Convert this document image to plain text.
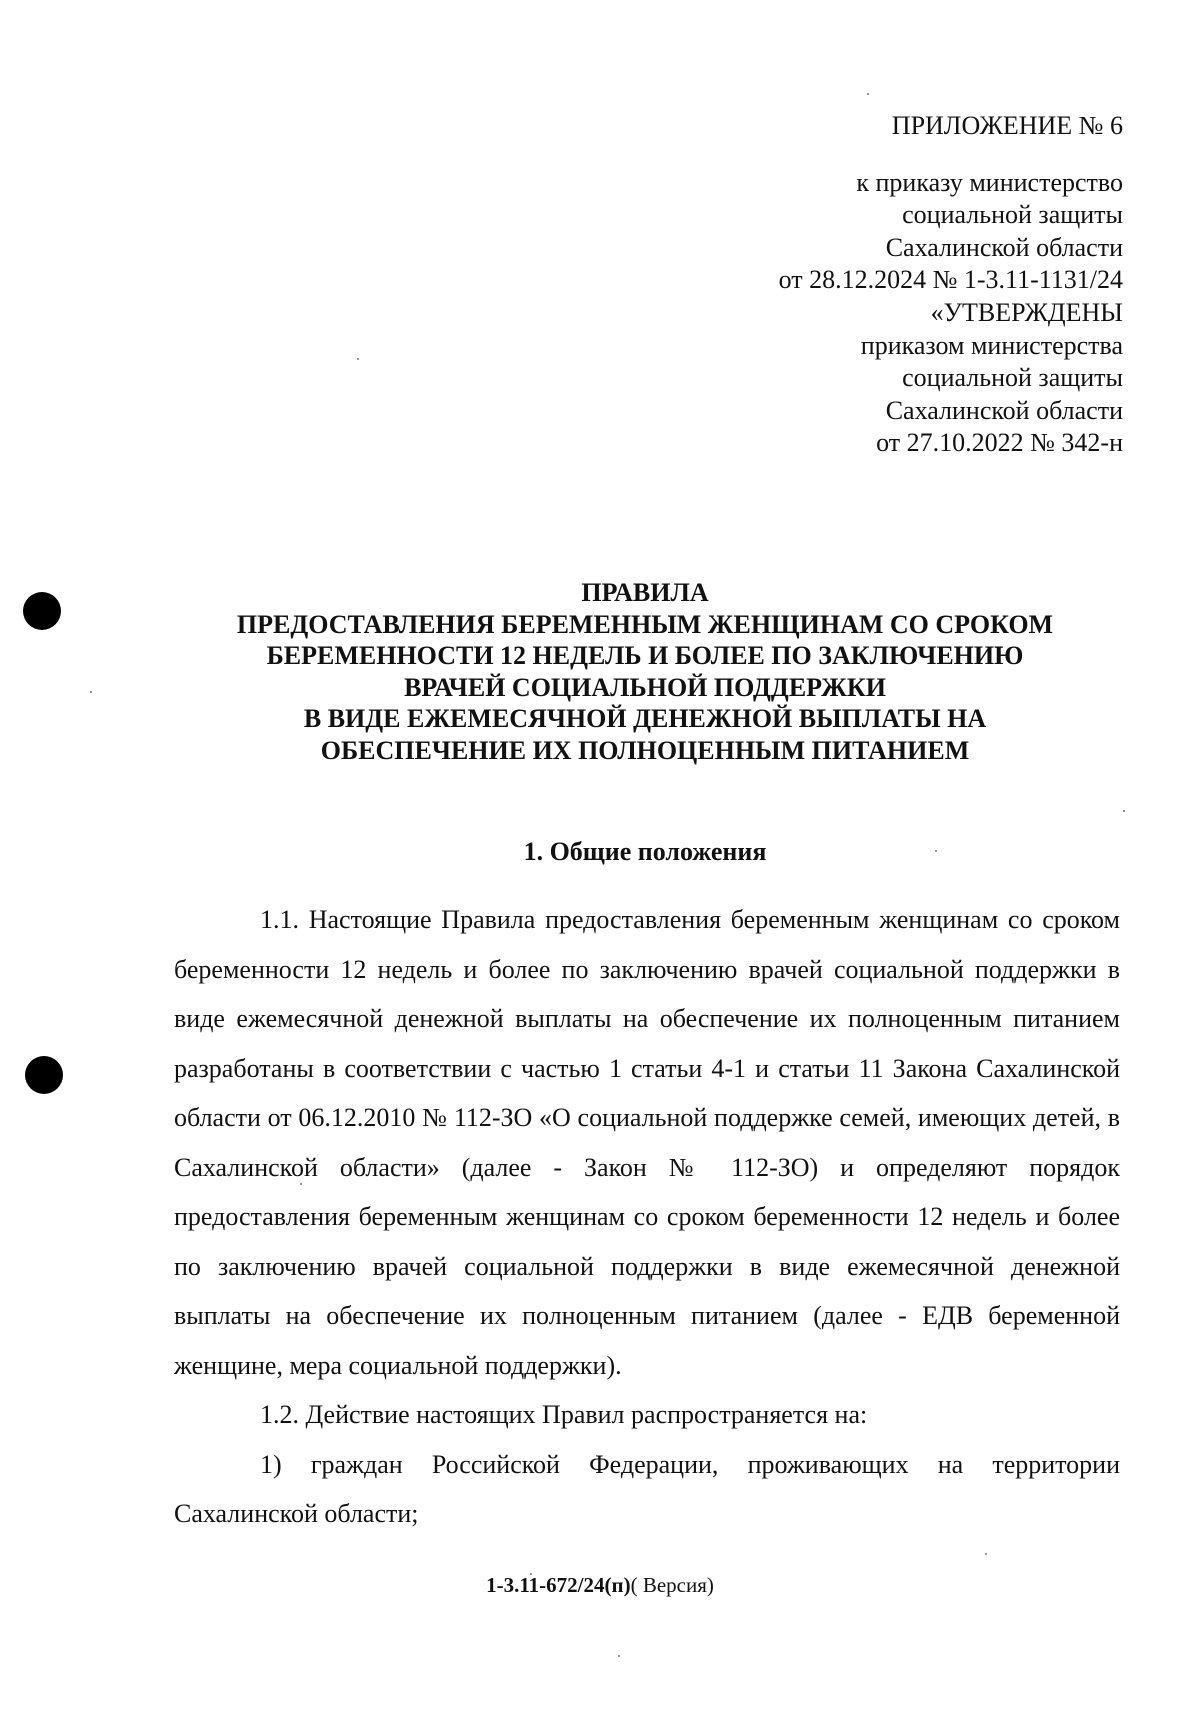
ПРИЛОЖЕНИЕ № 6
к приказу министерство
социальной защиты
Сахалинской области
от 28.12.2024 № 1-3.11-1131/24
«УТВЕРЖДЕНЫ
приказом министерства
социальной защиты
Сахалинской области
от 27.10.2022 № 342-н
ПРАВИЛА
ПРЕДОСТАВЛЕНИЯ БЕРЕМЕННЫМ ЖЕНЩИНАМ СО СРОКОМ
БЕРЕМЕННОСТИ 12 НЕДЕЛЬ И БОЛЕЕ ПО ЗАКЛЮЧЕНИЮ
ВРАЧЕЙ СОЦИАЛЬНОЙ ПОДДЕРЖКИ
В ВИДЕ ЕЖЕМЕСЯЧНОЙ ДЕНЕЖНОЙ ВЫПЛАТЫ НА
ОБЕСПЕЧЕНИЕ ИХ ПОЛНОЦЕННЫМ ПИТАНИЕМ
1. Общие положения

1.1. Настоящие Правила предоставления беременным женщинам со сроком беременности 12 недель и более по заключению врачей социальной поддержки в виде ежемесячной денежной выплаты на обеспечение их полноценным питанием разработаны в соответствии с частью 1 статьи 4-1 и статьи 11 Закона Сахалинской области от 06.12.2010 № 112-ЗО «О социальной поддержке семей, имеющих детей, в Сахалинской области» (далее - Закон № 112-ЗО) и определяют порядок предоставления беременным женщинам со сроком беременности 12 недель и более по заключению врачей социальной поддержки в виде ежемесячной денежной выплаты на обеспечение их полноценным питанием (далее - ЕДВ беременной женщине, мера социальной поддержки).

1.2. Действие настоящих Правил распространяется на:

1) граждан Российской Федерации, проживающих на территории Сахалинской области;

1-3.11-672/24(п)( Версия)
